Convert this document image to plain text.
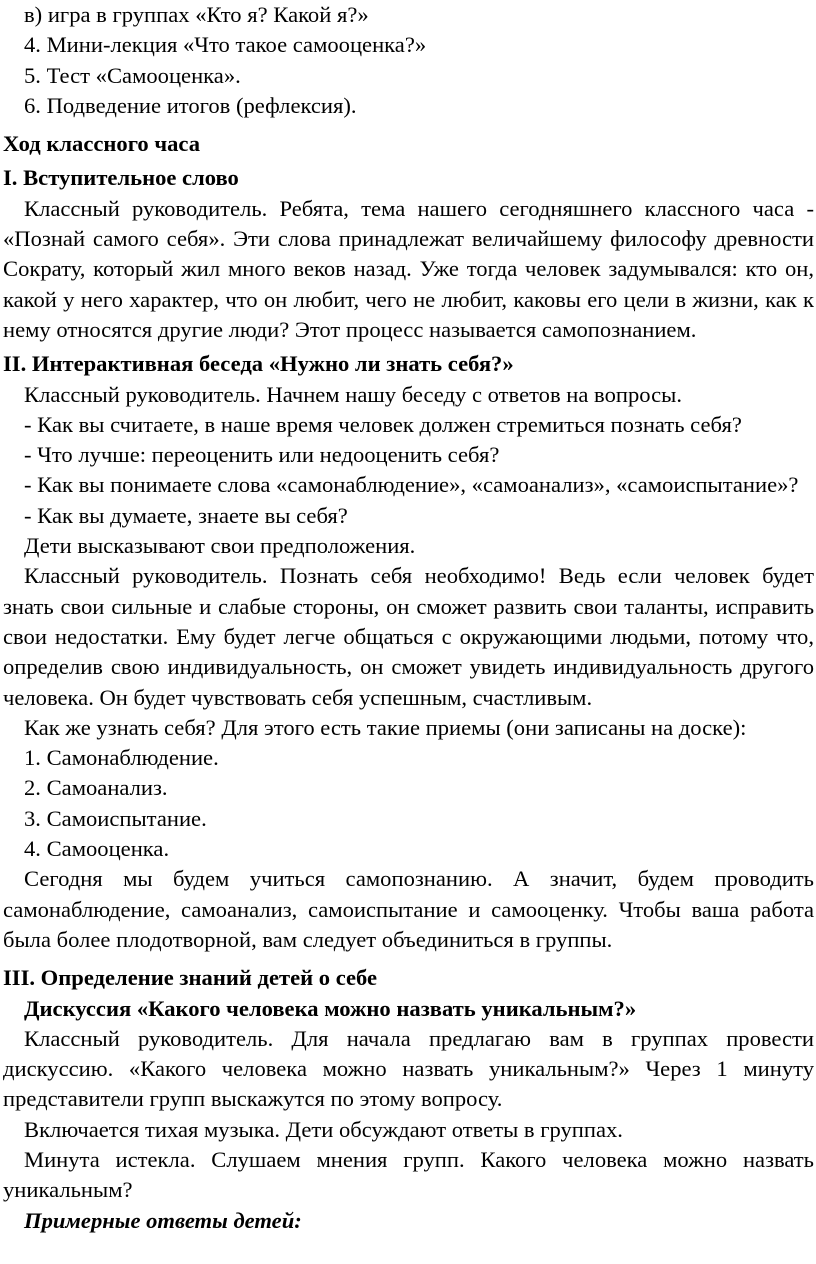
в) игра в группах «Кто я? Какой я?»

4. Мини-лекция «Что такое самооценка?»

5. Тест «Самооценка».

6. Подведение итогов (рефлексия).

Ход классного часа

I. Вступительное слово

Классный руководитель. Ребята, тема нашего сегодняшнего классного часа - «Познай самого себя». Эти слова принадлежат величайшему философу древности Сократу, который жил много веков назад. Уже тогда человек задумывался: кто он, какой у него характер, что он любит, чего не любит, каковы его цели в жизни, как к нему относятся другие люди? Этот процесс называется самопознанием.

II. Интерактивная беседа «Нужно ли знать себя?»

Классный руководитель. Начнем нашу беседу с ответов на вопросы.

- Как вы считаете, в наше время человек должен стремиться познать себя?

- Что лучше: переоценить или недооценить себя?

- Как вы понимаете слова «самонаблюдение», «самоанализ», «самоиспытание»?

- Как вы думаете, знаете вы себя?

Дети высказывают свои предположения.

Классный руководитель. Познать себя необходимо! Ведь если человек будет знать свои сильные и слабые стороны, он сможет развить свои таланты, исправить свои недостатки. Ему будет легче общаться с окружающими людьми, потому что, определив свою индивидуальность, он сможет увидеть индивидуальность другого человека. Он будет чувствовать себя успешным, счастливым.

Как же узнать себя? Для этого есть такие приемы (они записаны на доске):

1. Самонаблюдение.

2. Самоанализ.

3. Самоиспытание.

4. Самооценка.

Сегодня мы будем учиться самопознанию. А значит, будем проводить самонаблюдение, самоанализ, самоиспытание и самооценку. Чтобы ваша работа была более плодотворной, вам следует объединиться в группы.

III. Определение знаний детей о себе

Дискуссия «Какого человека можно назвать уникальным?»

Классный руководитель. Для начала предлагаю вам в группах провести дискуссию. «Какого человека можно назвать уникальным?» Через 1 минуту представители групп выскажутся по этому вопросу.

Включается тихая музыка. Дети обсуждают ответы в группах.

Минута истекла. Слушаем мнения групп. Какого человека можно назвать уникальным?

Примерные ответы детей:
